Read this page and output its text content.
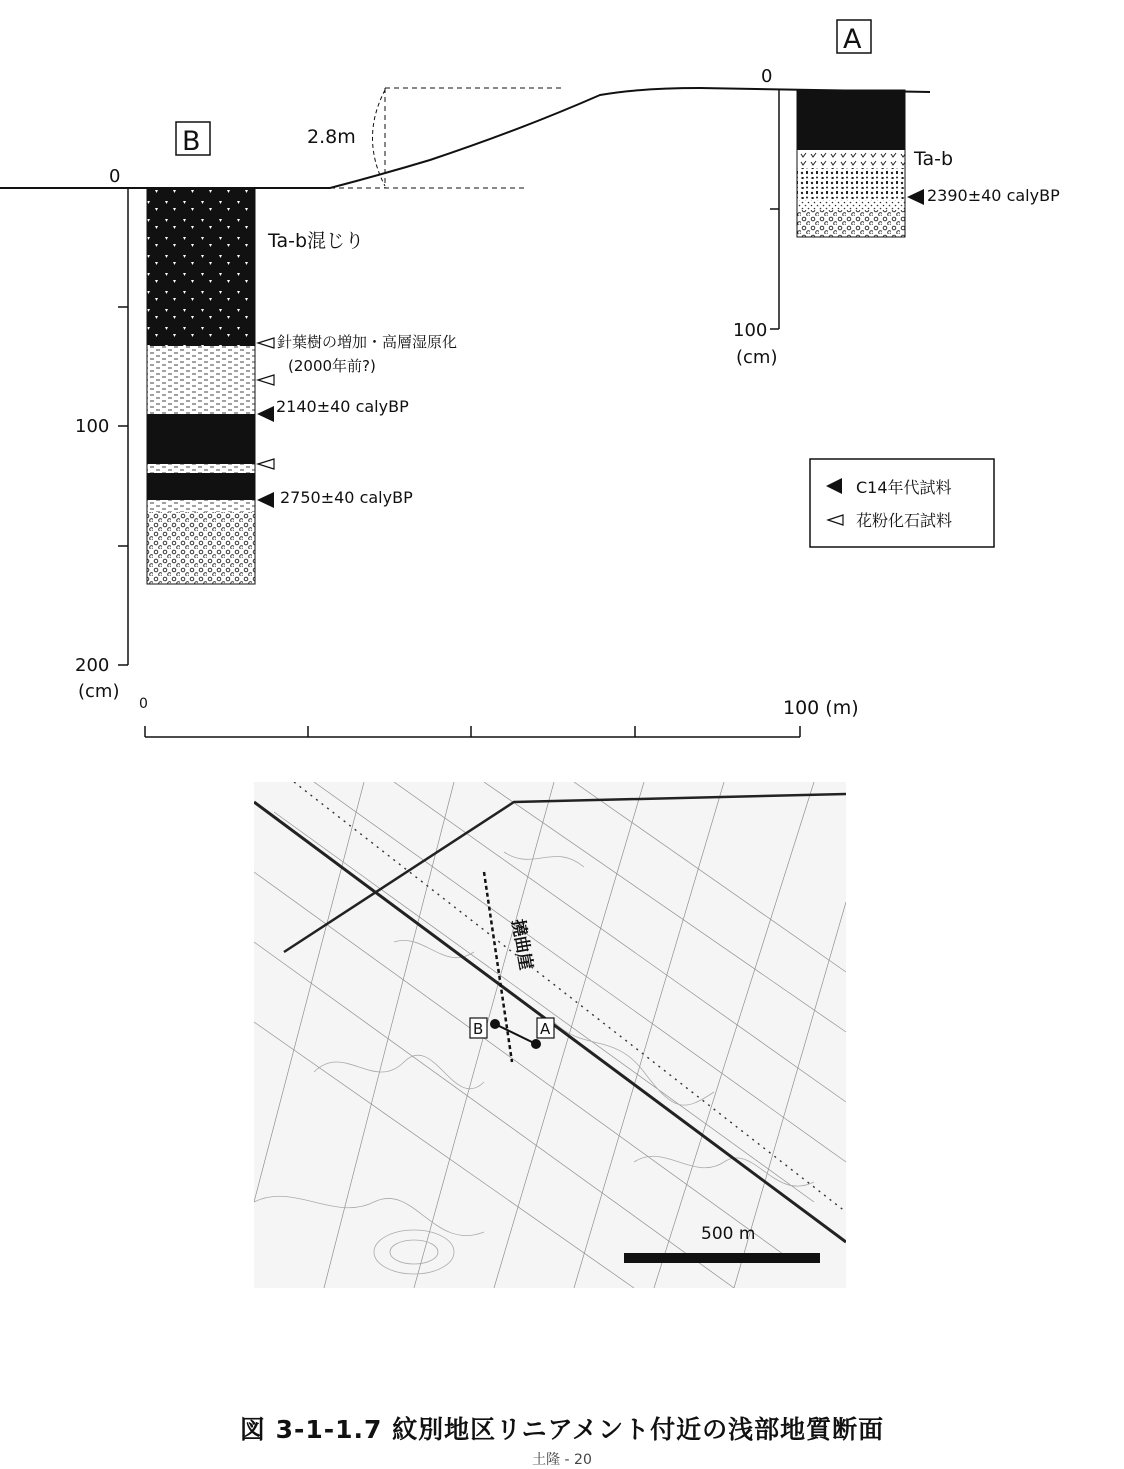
2.8m
B
0
100
200
(cm)
Ta-b混じり
針葉樹の増加・高層湿原化
(2000年前?)
2140±40 calyBP
2750±40 calyBP
A
0
100
(cm)
Ta-b
2390±40 calyBP
C14年代試料
花粉化石試料
0	100 (m)
撓曲崖
B	A
500 m
図 3-1-1.7 紋別地区リニアメント付近の浅部地質断面
土隆 - 20
